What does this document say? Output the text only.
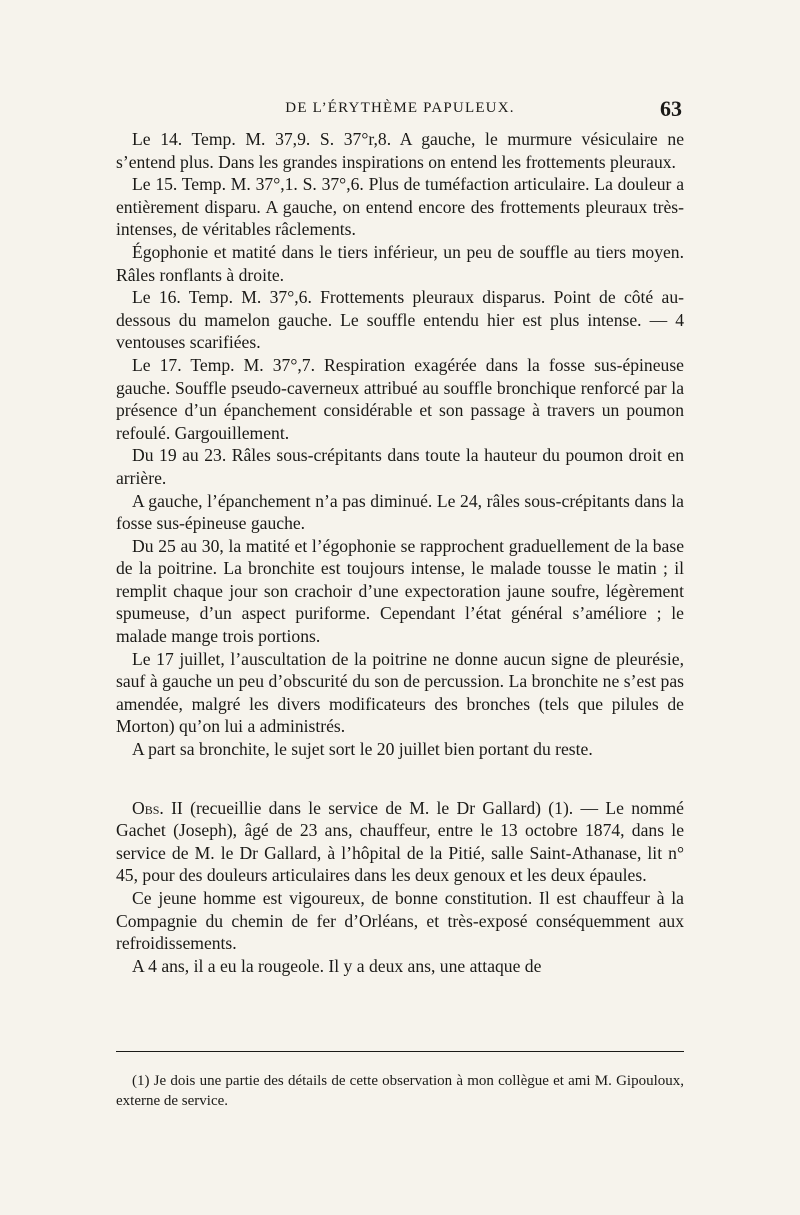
DE L’ÉRYTHÈME PAPULEUX.	63

Le 14. Temp. M. 37,9. S. 37°r,8. A gauche, le murmure vésiculaire ne s’entend plus. Dans les grandes inspirations on entend les frottements pleuraux.

Le 15. Temp. M. 37°,1. S. 37°,6. Plus de tuméfaction articulaire. La douleur a entièrement disparu. A gauche, on entend encore des frottements pleuraux très-intenses, de véritables râclements.

Égophonie et matité dans le tiers inférieur, un peu de souffle au tiers moyen. Râles ronflants à droite.

Le 16. Temp. M. 37°,6. Frottements pleuraux disparus. Point de côté au-dessous du mamelon gauche. Le souffle entendu hier est plus intense. — 4 ventouses scarifiées.

Le 17. Temp. M. 37°,7. Respiration exagérée dans la fosse sus-épineuse gauche. Souffle pseudo-caverneux attribué au souffle bronchique renforcé par la présence d’un épanchement considérable et son passage à travers un poumon refoulé. Gargouillement.

Du 19 au 23. Râles sous-crépitants dans toute la hauteur du poumon droit en arrière.

A gauche, l’épanchement n’a pas diminué. Le 24, râles sous-crépitants dans la fosse sus-épineuse gauche.

Du 25 au 30, la matité et l’égophonie se rapprochent graduellement de la base de la poitrine. La bronchite est toujours intense, le malade tousse le matin ; il remplit chaque jour son crachoir d’une expectoration jaune soufre, légèrement spumeuse, d’un aspect puriforme. Cependant l’état général s’améliore ; le malade mange trois portions.

Le 17 juillet, l’auscultation de la poitrine ne donne aucun signe de pleurésie, sauf à gauche un peu d’obscurité du son de percussion. La bronchite ne s’est pas amendée, malgré les divers modificateurs des bronches (tels que pilules de Morton) qu’on lui a administrés.

A part sa bronchite, le sujet sort le 20 juillet bien portant du reste.

Obs. II (recueillie dans le service de M. le Dr Gallard) (1). — Le nommé Gachet (Joseph), âgé de 23 ans, chauffeur, entre le 13 octobre 1874, dans le service de M. le Dr Gallard, à l’hôpital de la Pitié, salle Saint-Athanase, lit n° 45, pour des douleurs articulaires dans les deux genoux et les deux épaules.

Ce jeune homme est vigoureux, de bonne constitution. Il est chauffeur à la Compagnie du chemin de fer d’Orléans, et très-exposé conséquemment aux refroidissements.

A 4 ans, il a eu la rougeole. Il y a deux ans, une attaque de

(1) Je dois une partie des détails de cette observation à mon collègue et ami M. Gipouloux, externe de service.
